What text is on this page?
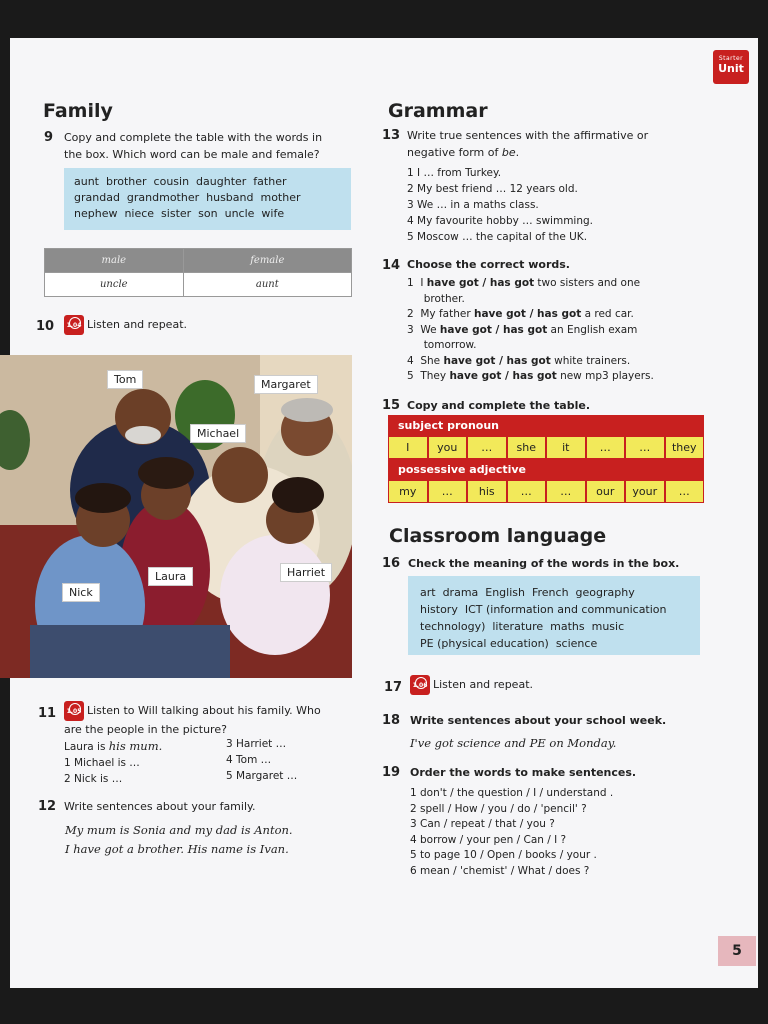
Starter
Unit
Family
9 Copy and complete the table with the words in
the box. Which word can be male and female?
aunt  brother  cousin  daughter  father
grandad  grandmother  husband  mother
nephew  niece  sister  son  uncle  wife
male	female
uncle	aunt
10	1.04 Listen and repeat.
Tom	Margaret
Michael
Laura	Harriet
Nick
11	1.05 Listen to Will talking about his family. Who
are the people in the picture?
Laura is his mum.
1 Michael is …
2 Nick is …
3 Harriet …
4 Tom …
5 Margaret …
12 Write sentences about your family.
My mum is Sonia and my dad is Anton.
I have got a brother. His name is Ivan.
Grammar
13 Write true sentences with the affirmative or
negative form of be.
1 I … from Turkey.
2 My best friend … 12 years old.
3 We … in a maths class.
4 My favourite hobby … swimming.
5 Moscow … the capital of the UK.
14 Choose the correct words.
1  I have got / has got two sisters and one
brother.
2  My father have got / has got a red car.
3  We have got / has got an English exam
tomorrow.
4  She have got / has got white trainers.
5  They have got / has got new mp3 players.
15 Copy and complete the table.
subject pronoun
I	you	…	she	it	…	…	they
possessive adjective
my	…	his	…	…	our	your	…
Classroom language
16 Check the meaning of the words in the box.
art  drama  English  French  geography
history  ICT (information and communication
technology)  literature  maths  music
PE (physical education)  science
17	1.06 Listen and repeat.
18 Write sentences about your school week.
I've got science and PE on Monday.
19 Order the words to make sentences.
1 don't / the question / I / understand .
2 spell / How / you / do / 'pencil' ?
3 Can / repeat / that / you ?
4 borrow / your pen / Can / I ?
5 to page 10 / Open / books / your .
6 mean / 'chemist' / What / does ?
5
